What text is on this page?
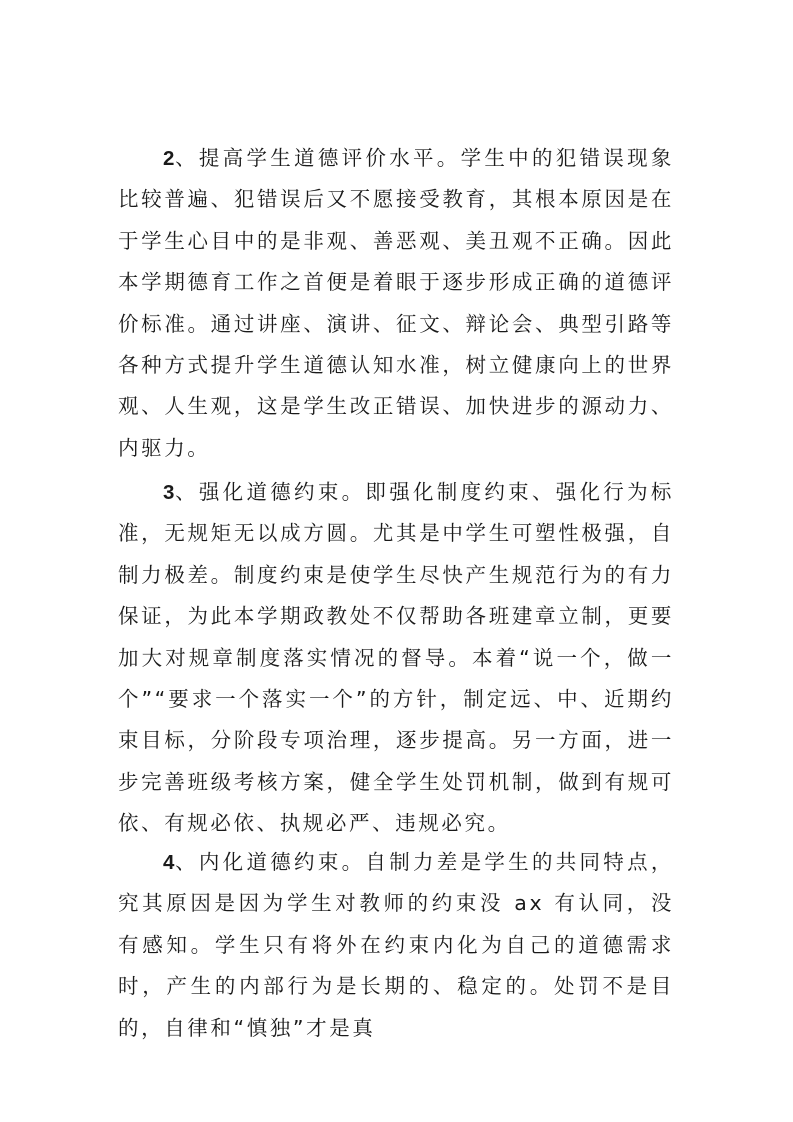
2、提高学生道德评价水平。学生中的犯错误现象比较普遍、犯错误后又不愿接受教育，其根本原因是在于学生心目中的是非观、善恶观、美丑观不正确。因此本学期德育工作之首便是着眼于逐步形成正确的道德评价标准。通过讲座、演讲、征文、辩论会、典型引路等各种方式提升学生道德认知水准，树立健康向上的世界观、人生观，这是学生改正错误、加快进步的源动力、内驱力。

3、强化道德约束。即强化制度约束、强化行为标准，无规矩无以成方圆。尤其是中学生可塑性极强，自制力极差。制度约束是使学生尽快产生规范行为的有力保证，为此本学期政教处不仅帮助各班建章立制，更要加大对规章制度落实情况的督导。本着“说一个，做一个”“要求一个落实一个”的方针，制定远、中、近期约束目标，分阶段专项治理，逐步提高。另一方面，进一步完善班级考核方案，健全学生处罚机制，做到有规可依、有规必依、执规必严、违规必究。

4、内化道德约束。自制力差是学生的共同特点，究其原因是因为学生对教师的约束没 ax 有认同，没有感知。学生只有将外在约束内化为自己的道德需求时，产生的内部行为是长期的、稳定的。处罚不是目的，自律和“慎独”才是真
